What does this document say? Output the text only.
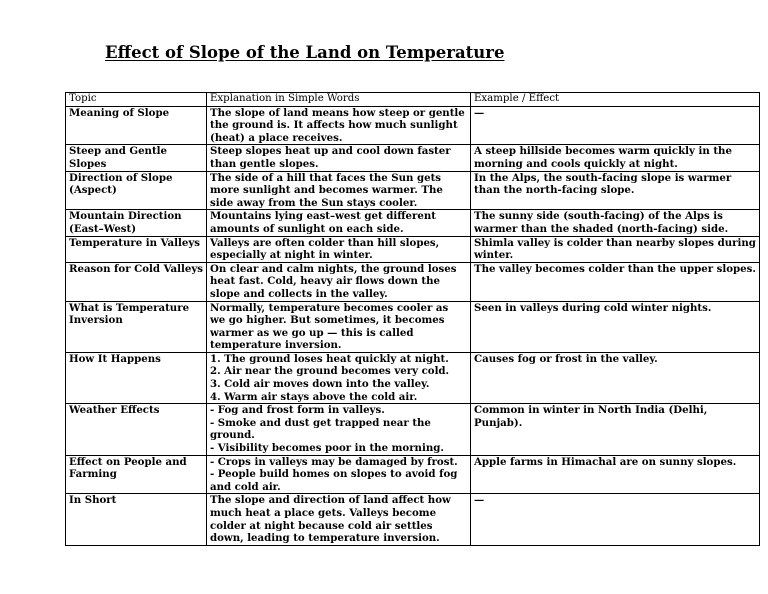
Effect of Slope of the Land on Temperature
Topic	Explanation in Simple Words	Example / Effect
Meaning of Slope	The slope of land means how steep or gentle the ground is. It affects how much sunlight (heat) a place receives.	—
Steep and Gentle Slopes	Steep slopes heat up and cool down faster than gentle slopes.	A steep hillside becomes warm quickly in the morning and cools quickly at night.
Direction of Slope (Aspect)	The side of a hill that faces the Sun gets more sunlight and becomes warmer. The side away from the Sun stays cooler.	In the Alps, the south-facing slope is warmer than the north-facing slope.
Mountain Direction (East–West)	Mountains lying east–west get different amounts of sunlight on each side.	The sunny side (south-facing) of the Alps is warmer than the shaded (north-facing) side.
Temperature in Valleys	Valleys are often colder than hill slopes, especially at night in winter.	Shimla valley is colder than nearby slopes during winter.
Reason for Cold Valleys	On clear and calm nights, the ground loses heat fast. Cold, heavy air flows down the slope and collects in the valley.	The valley becomes colder than the upper slopes.
What is Temperature Inversion	Normally, temperature becomes cooler as we go higher. But sometimes, it becomes warmer as we go up — this is called temperature inversion.	Seen in valleys during cold winter nights.
How It Happens	1. The ground loses heat quickly at night.
2. Air near the ground becomes very cold.
3. Cold air moves down into the valley.
4. Warm air stays above the cold air.	Causes fog or frost in the valley.
Weather Effects	- Fog and frost form in valleys.
- Smoke and dust get trapped near the ground.
- Visibility becomes poor in the morning.	Common in winter in North India (Delhi, Punjab).
Effect on People and Farming	- Crops in valleys may be damaged by frost.
- People build homes on slopes to avoid fog and cold air.	Apple farms in Himachal are on sunny slopes.
In Short	The slope and direction of land affect how much heat a place gets. Valleys become colder at night because cold air settles down, leading to temperature inversion.	—
